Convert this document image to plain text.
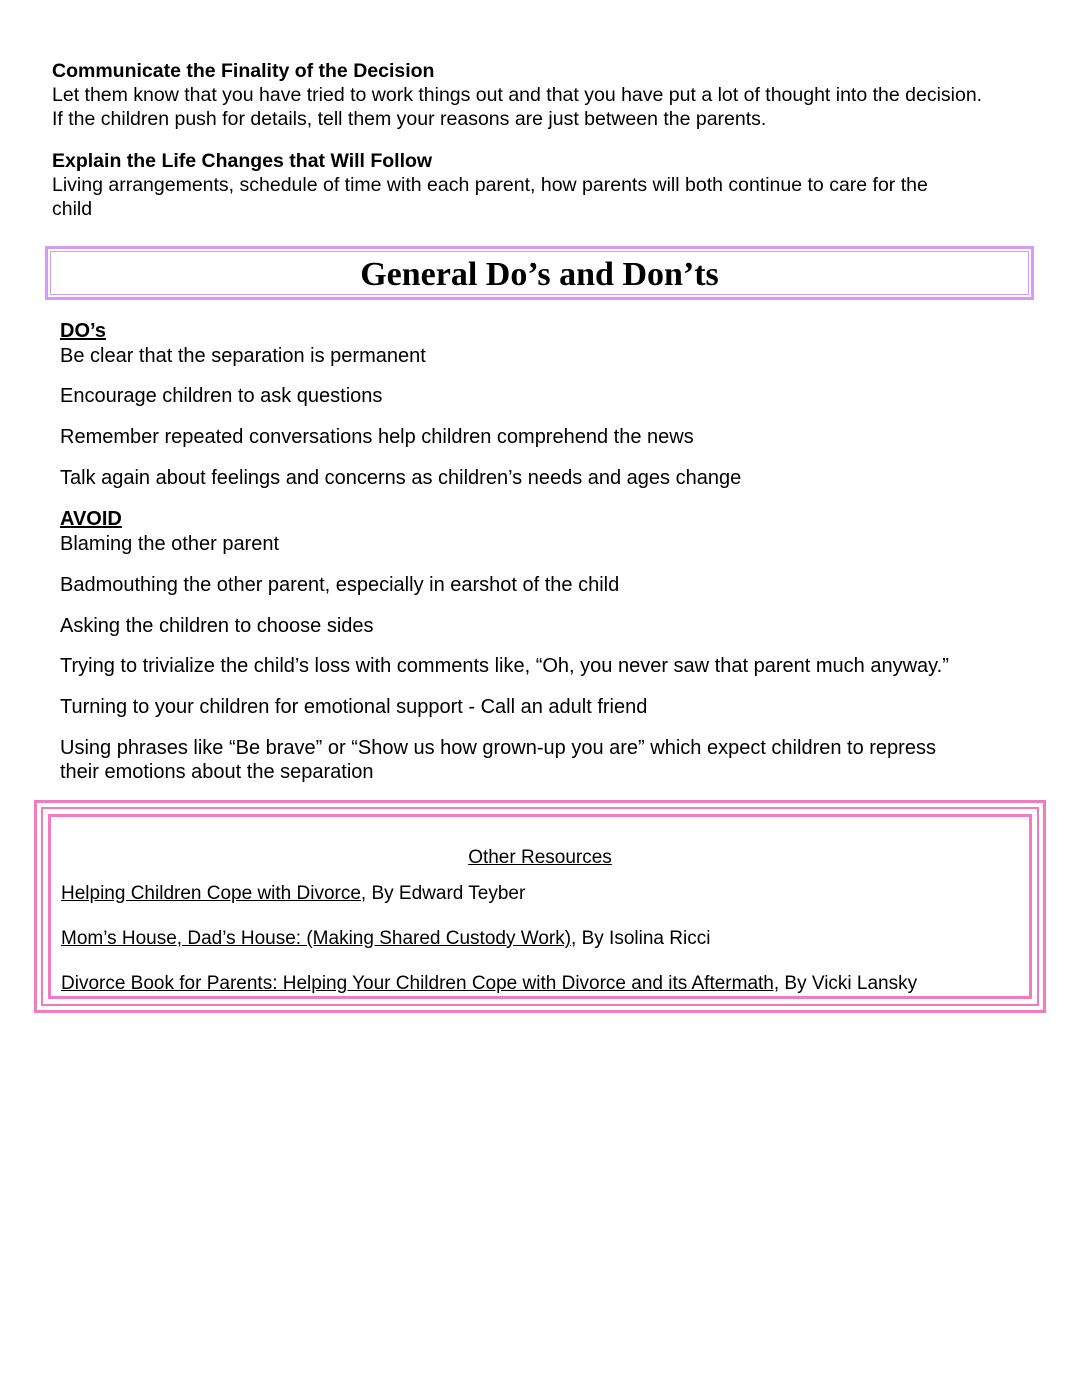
Communicate the Finality of the Decision
Let them know that you have tried to work things out and that you have put a lot of thought into the decision.
If the children push for details, tell them your reasons are just between the parents.
Explain the Life Changes that Will Follow
Living arrangements, schedule of time with each parent, how parents will both continue to care for the
child
General Do’s and Don’ts
DO’s
Be clear that the separation is permanent
Encourage children to ask questions
Remember repeated conversations help children comprehend the news
Talk again about feelings and concerns as children’s needs and ages change
AVOID
Blaming the other parent
Badmouthing the other parent, especially in earshot of the child
Asking the children to choose sides
Trying to trivialize the child’s loss with comments like, “Oh, you never saw that parent much anyway.”
Turning to your children for emotional support - Call an adult friend
Using phrases like “Be brave” or “Show us how grown-up you are” which expect children to repress
their emotions about the separation
Other Resources
Helping Children Cope with Divorce, By Edward Teyber
Mom’s House, Dad’s House: (Making Shared Custody Work), By Isolina Ricci
Divorce Book for Parents: Helping Your Children Cope with Divorce and its Aftermath, By Vicki Lansky
